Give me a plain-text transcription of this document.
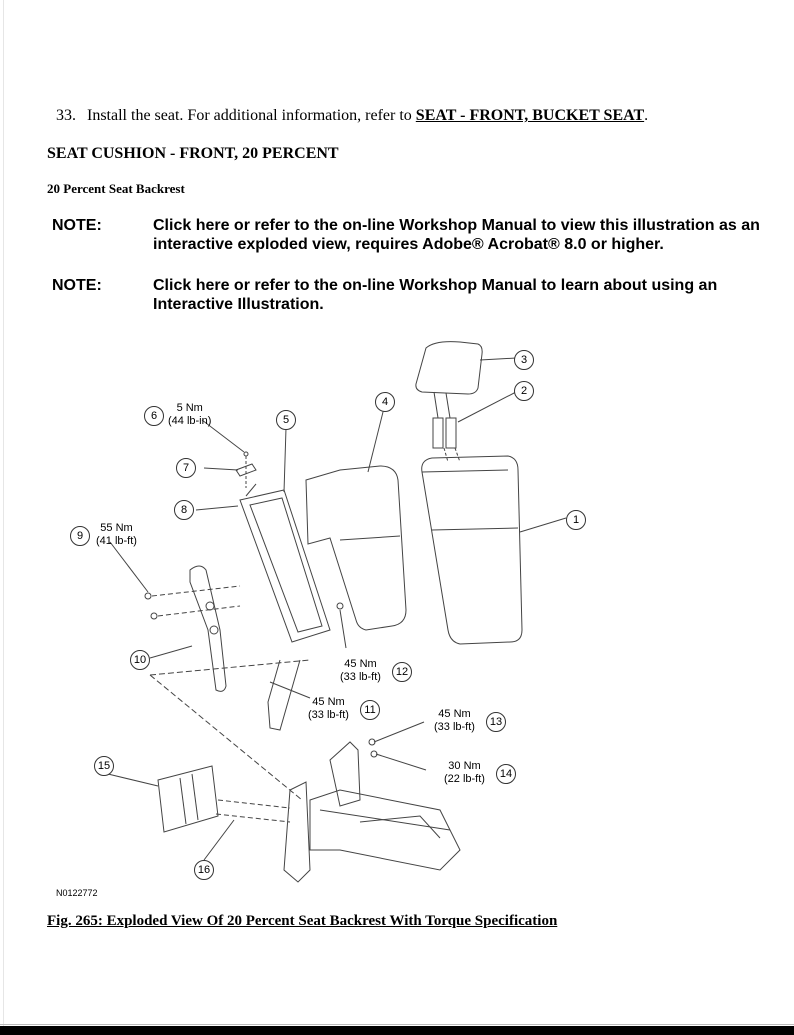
33. Install the seat. For additional information, refer to SEAT - FRONT, BUCKET SEAT.
SEAT CUSHION - FRONT, 20 PERCENT
20 Percent Seat Backrest
NOTE:	Click here or refer to the on-line Workshop Manual to view this illustration as an interactive exploded view, requires Adobe® Acrobat® 8.0 or higher.
NOTE:	Click here or refer to the on-line Workshop Manual to learn about using an Interactive Illustration.
1
2
3
4
5
6
7
8
9
10
11
12
13
14
15
16
5 Nm
(44 lb-in)
55 Nm
(41 lb-ft)
45 Nm
(33 lb-ft)
45 Nm
(33 lb-ft)	45 Nm
(33 lb-ft)
30 Nm
(22 lb-ft)
N0122772
Fig. 265: Exploded View Of 20 Percent Seat Backrest With Torque Specification
